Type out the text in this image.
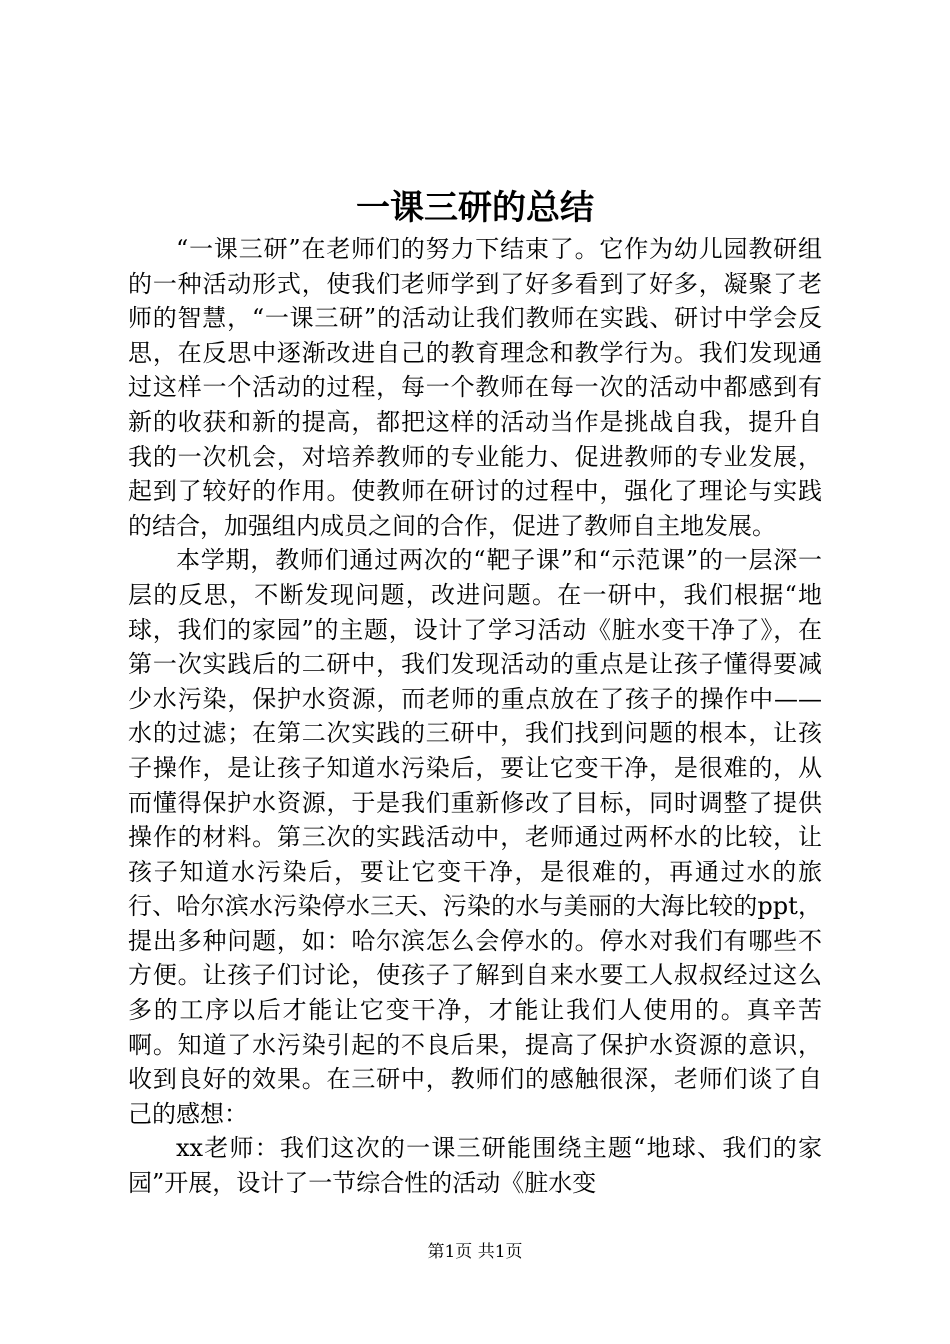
一课三研的总结

“一课三研”在老师们的努力下结束了。它作为幼儿园教研组的一种活动形式，使我们老师学到了好多看到了好多，凝聚了老师的智慧，“一课三研”的活动让我们教师在实践、研讨中学会反思，在反思中逐渐改进自己的教育理念和教学行为。我们发现通过这样一个活动的过程，每一个教师在每一次的活动中都感到有新的收获和新的提高，都把这样的活动当作是挑战自我，提升自我的一次机会，对培养教师的专业能力、促进教师的专业发展，起到了较好的作用。使教师在研讨的过程中，强化了理论与实践的结合，加强组内成员之间的合作，促进了教师自主地发展。

本学期，教师们通过两次的“靶子课”和“示范课”的一层深一层的反思，不断发现问题，改进问题。在一研中，我们根据“地球，我们的家园”的主题，设计了学习活动《脏水变干净了》，在第一次实践后的二研中，我们发现活动的重点是让孩子懂得要减少水污染，保护水资源，而老师的重点放在了孩子的操作中——水的过滤；在第二次实践的三研中，我们找到问题的根本，让孩子操作，是让孩子知道水污染后，要让它变干净，是很难的，从而懂得保护水资源，于是我们重新修改了目标，同时调整了提供操作的材料。第三次的实践活动中，老师通过两杯水的比较，让孩子知道水污染后，要让它变干净，是很难的，再通过水的旅行、哈尔滨水污染停水三天、污染的水与美丽的大海比较的ppt，提出多种问题，如：哈尔滨怎么会停水的。停水对我们有哪些不方便。让孩子们讨论，使孩子了解到自来水要工人叔叔经过这么多的工序以后才能让它变干净，才能让我们人使用的。真辛苦啊。知道了水污染引起的不良后果，提高了保护水资源的意识，收到良好的效果。在三研中，教师们的感触很深，老师们谈了自己的感想：

xx老师：我们这次的一课三研能围绕主题“地球、我们的家园”开展，设计了一节综合性的活动《脏水变

第1页 共1页
